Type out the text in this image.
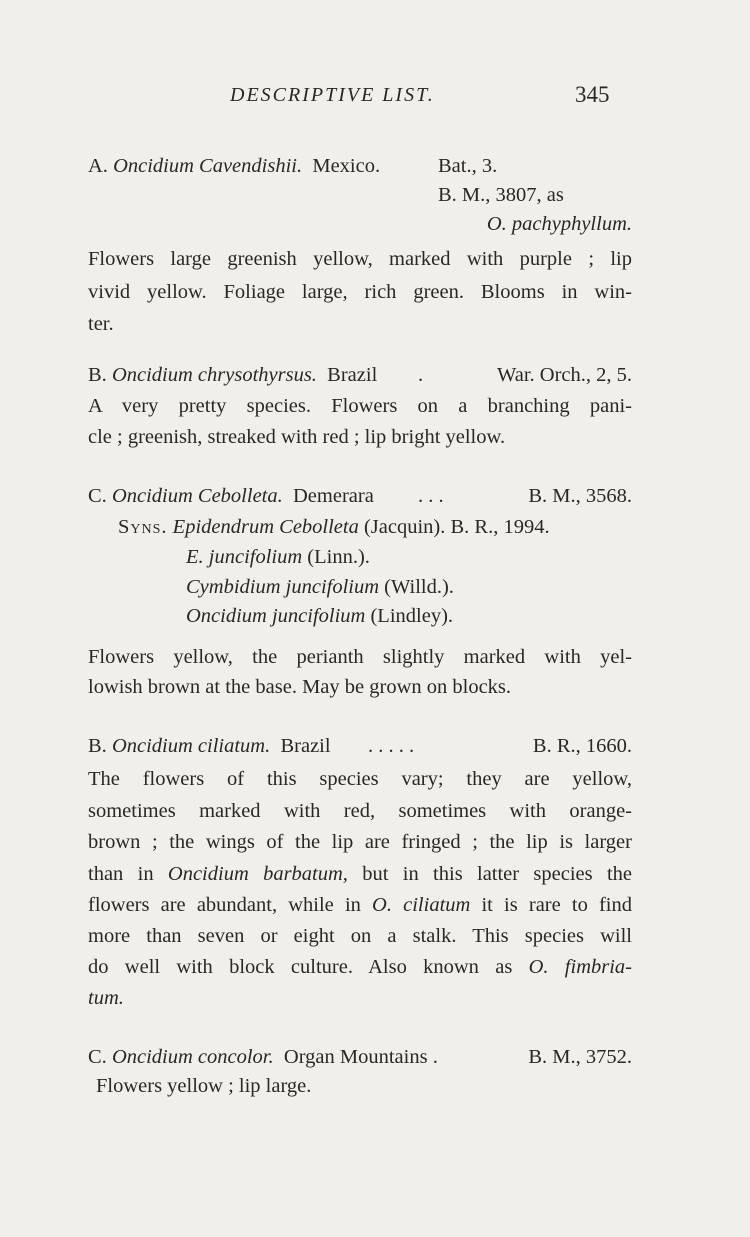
DESCRIPTIVE LIST.	345
A. Oncidium Cavendishii. Mexico.	Bat., 3.
B. M., 3807, as
O. pachyphyllum.
Flowers large greenish yellow, marked with purple ; lip
vivid yellow. Foliage large, rich green. Blooms in win-
ter.
B. Oncidium chrysothyrsus. Brazil .	War. Orch., 2, 5.
A very pretty species. Flowers on a branching pani-
cle ; greenish, streaked with red ; lip bright yellow.
C. Oncidium Cebolleta. Demerara . . .	B. M., 3568.
Syns. Epidendrum Cebolleta (Jacquin). B. R., 1994.
E. juncifolium (Linn.).
Cymbidium juncifolium (Willd.).
Oncidium juncifolium (Lindley).
Flowers yellow, the perianth slightly marked with yel-
lowish brown at the base. May be grown on blocks.
B. Oncidium ciliatum. Brazil . . . . .	B. R., 1660.
The flowers of this species vary; they are yellow,
sometimes marked with red, sometimes with orange-
brown ; the wings of the lip are fringed ; the lip is larger
than in Oncidium barbatum, but in this latter species the
flowers are abundant, while in O. ciliatum it is rare to find
more than seven or eight on a stalk. This species will
do well with block culture. Also known as O. fimbria-
tum.
C. Oncidium concolor. Organ Mountains .	B. M., 3752.
Flowers yellow ; lip large.
